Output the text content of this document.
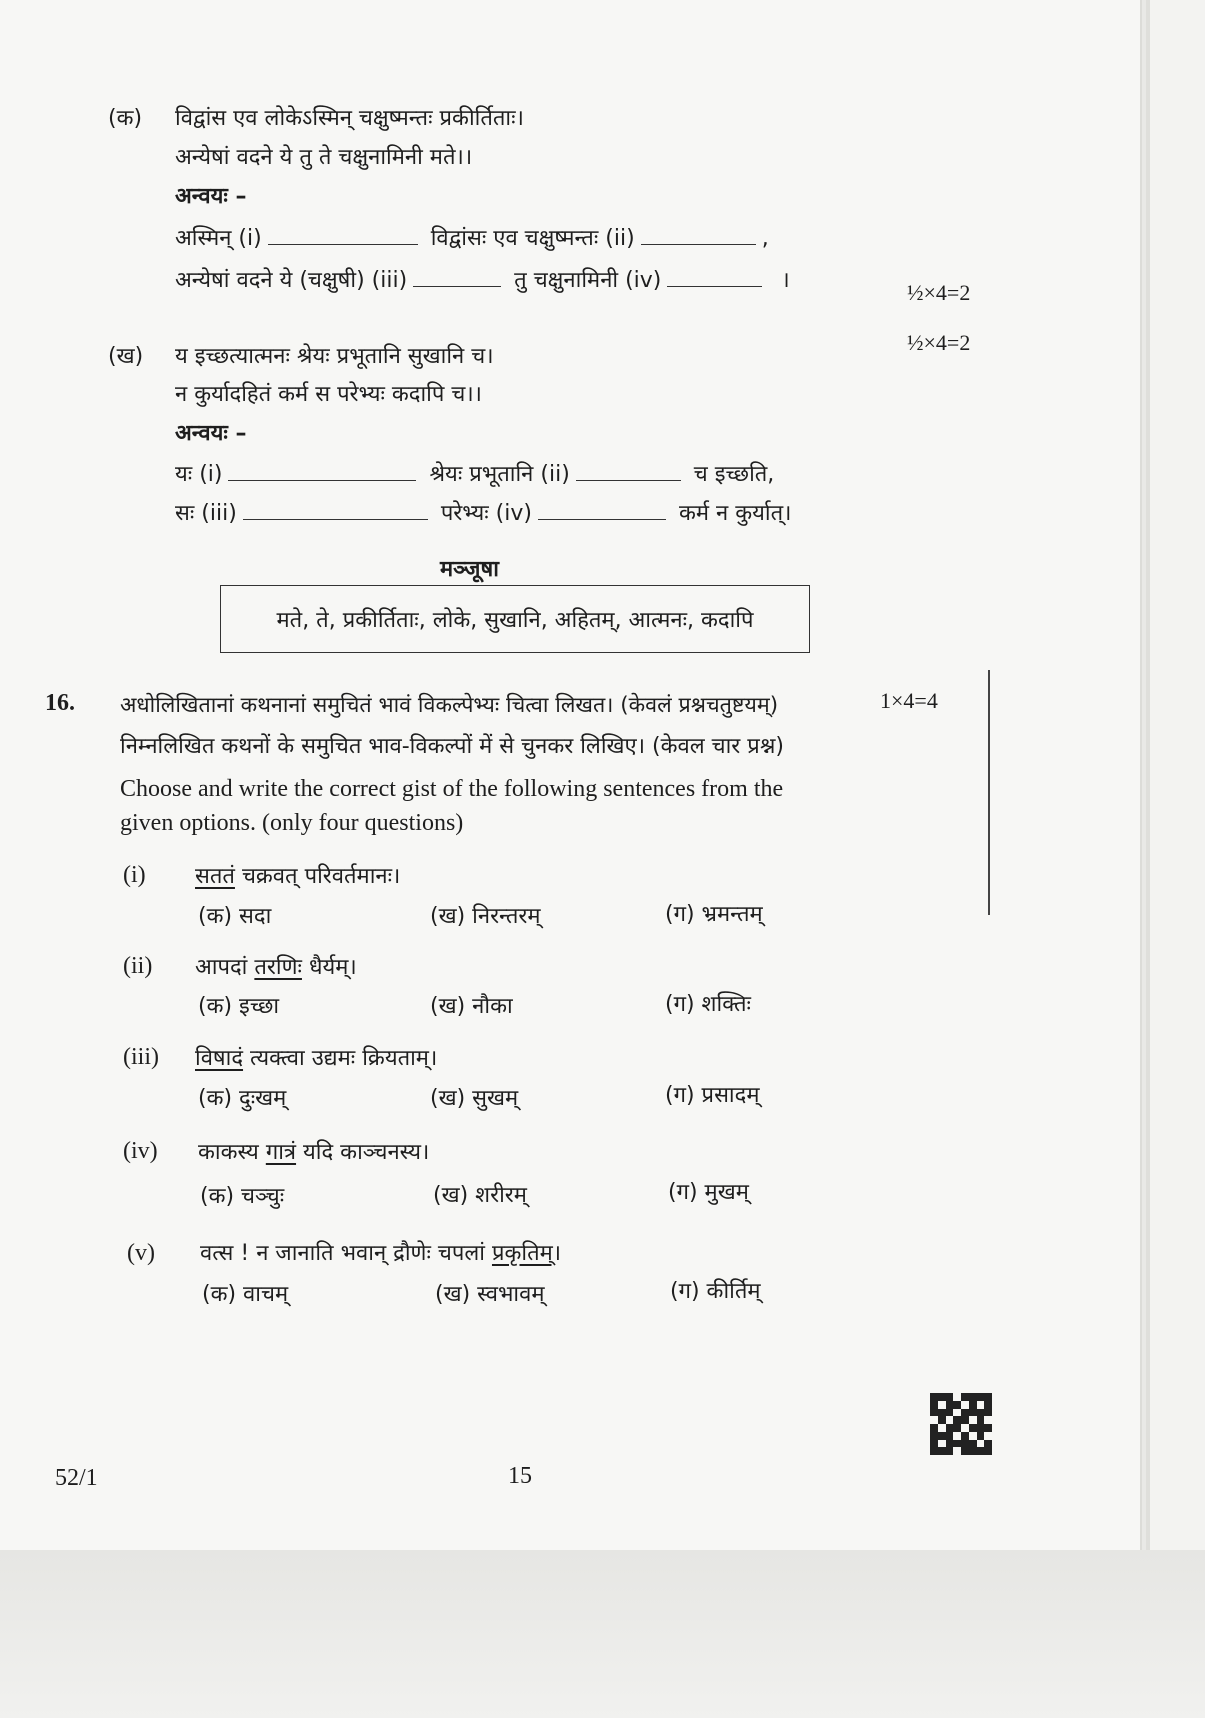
(क) विद्वांस एव लोकेऽस्मिन् चक्षुष्मन्तः प्रकीर्तिताः।
अन्येषां वदने ये तु ते चक्षुनामिनी मते।।
अन्वयः –
अस्मिन् (i)	विद्वांसः एव चक्षुष्मन्तः (ii)	,
अन्येषां वदने ये (चक्षुषी) (iii)	तु चक्षुनामिनी (iv)	।	½×4=2
(ख) य इच्छत्यात्मनः श्रेयः प्रभूतानि सुखानि च।
½×4=2
न कुर्यादहितं कर्म स परेभ्यः कदापि च।।
अन्वयः –
यः (i)	श्रेयः प्रभूतानि (ii)	च इच्छति,
सः (iii)	परेभ्यः (iv)	कर्म न कुर्यात्।
मञ्जूषा
मते, ते, प्रकीर्तिताः, लोके, सुखानि, अहितम्, आत्मनः, कदापि
16. अधोलिखितानां कथनानां समुचितं भावं विकल्पेभ्यः चित्वा लिखत। (केवलं प्रश्नचतुष्टयम्)	1×4=4
निम्नलिखित कथनों के समुचित भाव-विकल्पों में से चुनकर लिखिए। (केवल चार प्रश्न)
Choose and write the correct gist of the following sentences from the
given options. (only four questions)
(i) सततं चक्रवत् परिवर्तमानः।
(क) सदा	(ख) निरन्तरम्	(ग) भ्रमन्तम्
(ii) आपदां तरणिः धैर्यम्।
(क) इच्छा	(ख) नौका	(ग) शक्तिः
(iii) विषादं त्यक्त्वा उद्यमः क्रियताम्।
(क) दुःखम्	(ख) सुखम्	(ग) प्रसादम्
(iv) काकस्य गात्रं यदि काञ्चनस्य।
(क) चञ्चुः	(ख) शरीरम्	(ग) मुखम्
(v) वत्स ! न जानाति भवान् द्रौणेः चपलां प्रकृतिम्।
(क) वाचम्	(ख) स्वभावम्	(ग) कीर्तिम्
52/1	15
